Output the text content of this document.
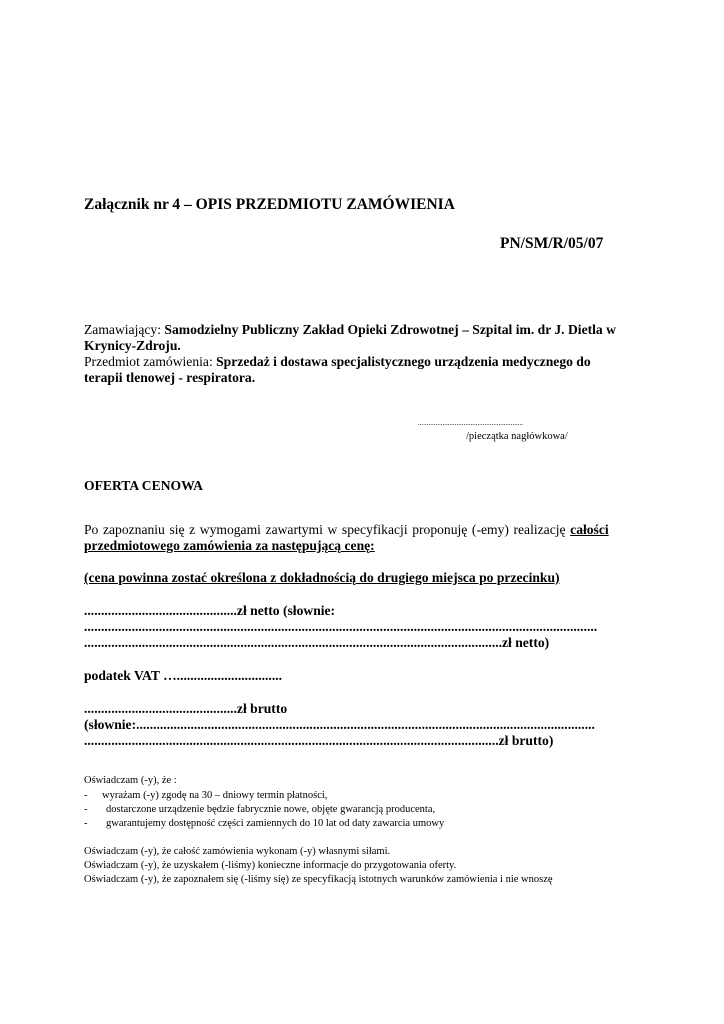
Załącznik nr 4 – OPIS PRZEDMIOTU ZAMÓWIENIA
PN/SM/R/05/07
Zamawiający: Samodzielny Publiczny Zakład Opieki Zdrowotnej – Szpital im. dr J. Dietla w
Krynicy-Zdroju.
Przedmiot zamówienia: Sprzedaż i dostawa specjalistycznego urządzenia medycznego do
terapii tlenowej - respiratora.
............................................................
/pieczątka nagłówkowa/
OFERTA CENOWA
Po zapoznaniu się z wymogami zawartymi w specyfikacji proponuję (-emy) realizację całości
przedmiotowego zamówienia za następującą cenę:
(cena powinna zostać określona z dokładnością do drugiego miejsca po przecinku)
.............................................zł netto (słownie:
.......................................................................................................................................................
...........................................................................................................................zł netto)
podatek VAT …...............................
.............................................zł brutto
(słownie:.......................................................................................................................................
..........................................................................................................................zł brutto)
Oświadczam (-y), że :
- wyrażam (-y) zgodę na 30 – dniowy termin płatności,
- dostarczone urządzenie będzie fabrycznie nowe, objęte gwarancją producenta,
- gwarantujemy dostępność części zamiennych do 10 lat od daty zawarcia umowy
Oświadczam (-y), że całość zamówienia wykonam (-y) własnymi siłami.
Oświadczam (-y), że uzyskałem (-liśmy) konieczne informacje do przygotowania oferty.
Oświadczam (-y), że zapoznałem się (-liśmy się) ze specyfikacją istotnych warunków zamówienia i nie wnoszę
